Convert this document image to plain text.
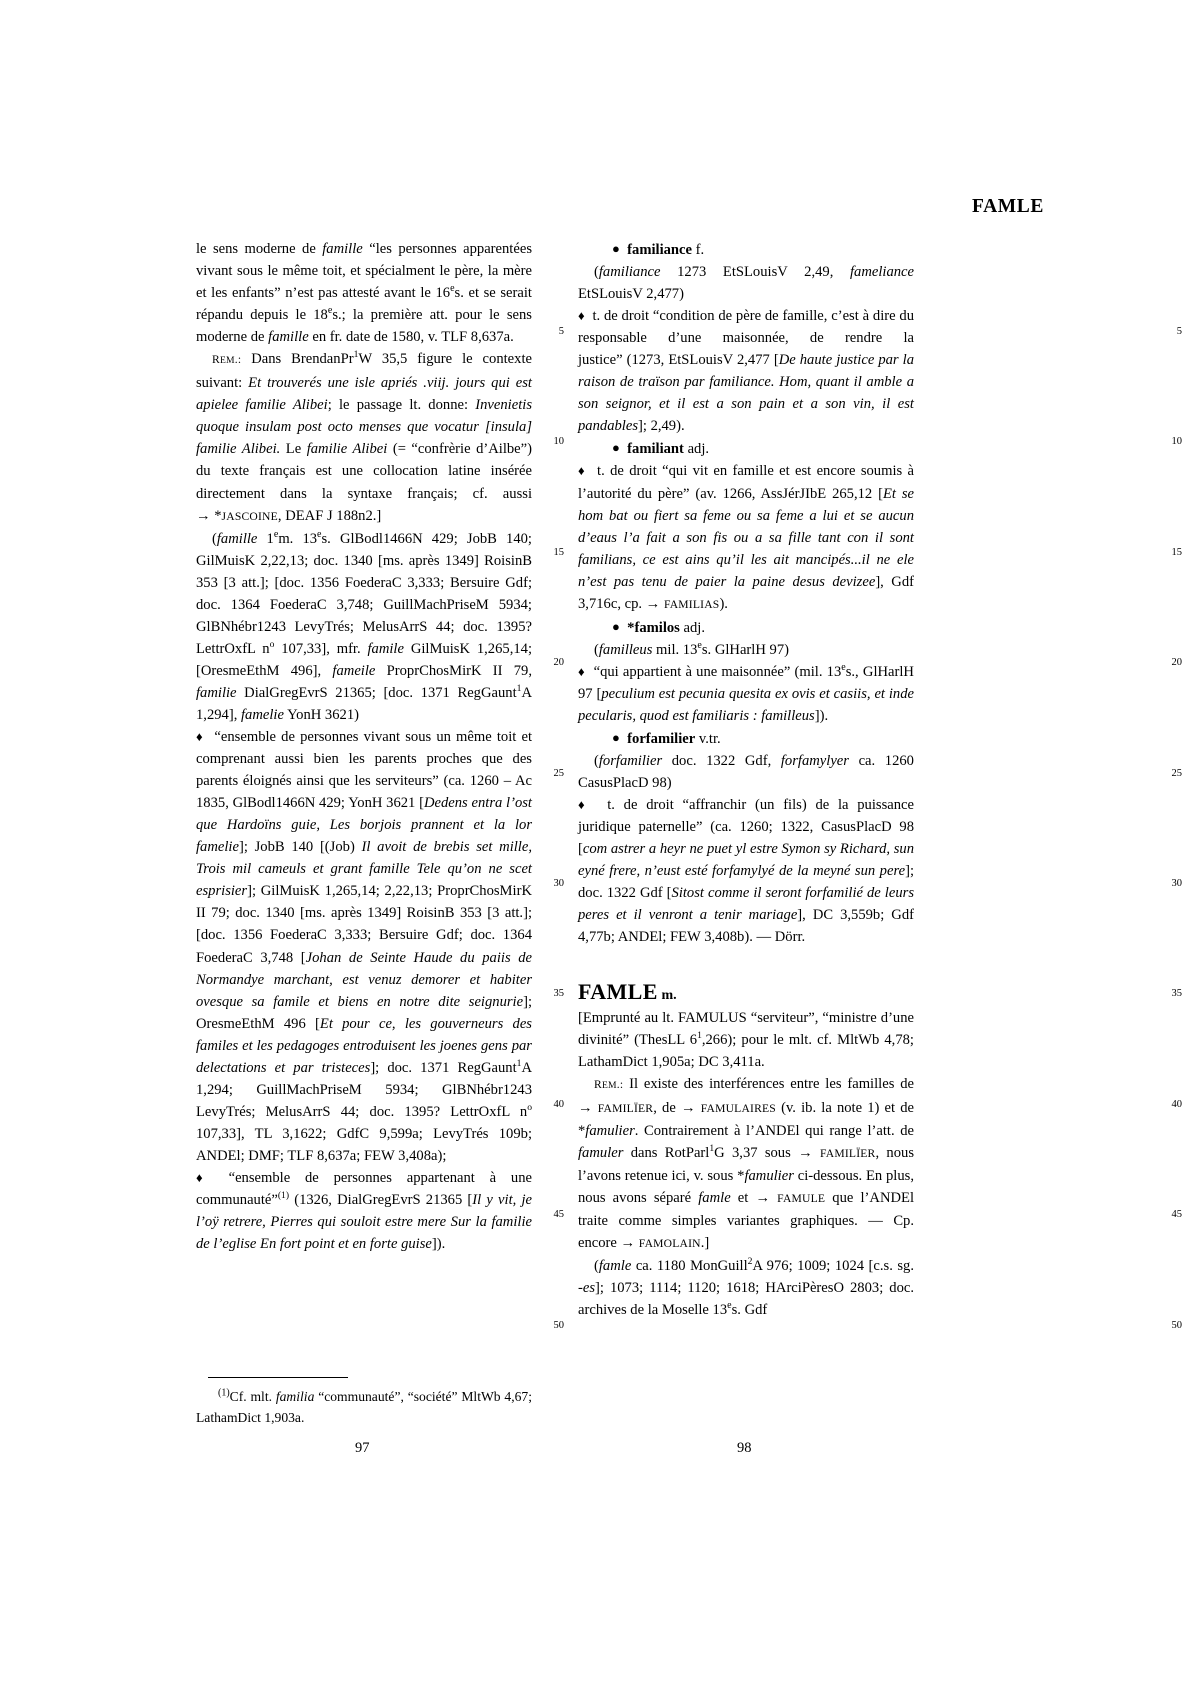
FAMLE

le sens moderne de famille “les personnes apparentées vivant sous le même toit, et spécialment le père, la mère et les enfants” n’est pas attesté avant le 16es. et se serait répandu depuis le 18es.; la première att. pour le sens moderne de famille en fr. date de 1580, v. TLF 8,637a.

REM.: Dans BrendanPr$^1$W 35,5 figure le contexte suivant: Et trouverés une isle apriés .viij. jours qui est apielee familie Alibei; le passage lt. donne: Invenietis quoque insulam post octo menses que vocatur [insula] familie Alibei. Le familie Alibei (= “confrèrie d’Ailbe”) du texte français est une collocation latine insérée directement dans la syntaxe français; cf. aussi → *JASCOINE, DEAF J 188n2.]

(famille 1em. 13es. GlBodl1466N 429; JobB 140; GilMuisK 2,22,13; doc. 1340 [ms. après 1349] RoisinB 353 [3 att.]; [doc. 1356 FoederaC 3,333; Bersuire Gdf; doc. 1364 FoederaC 3,748; GuillMachPriseM 5934; GlBNhébr1243 LevyTrés; MelusArrS 44; doc. 1395? LettrOxfL $n^o$ 107,33], mfr. famile GilMuisK 1,265,14; [OresmeEthM 496], fameile ProprChosMirK II 79, familie DialGregEvrS 21365; [doc. 1371 RegGaunt$^1$A 1,294], famelie YonH 3621)

♦  “ensemble de personnes vivant sous un même toit et comprenant aussi bien les parents proches que des parents éloignés ainsi que les serviteurs” (ca. 1260 – Ac 1835, GlBodl1466N 429; YonH 3621 [Dedens entra l’ost que Hardoïns guie, Les borjois prannent et la lor famelie]; JobB 140 [(Job) Il avoit de brebis set mille, Trois mil cameuls et grant famille Tele qu’on ne scet esprisier]; GilMuisK 1,265,14; 2,22,13; ProprChosMirK II 79; doc. 1340 [ms. après 1349] RoisinB 353 [3 att.]; [doc. 1356 FoederaC 3,333; Bersuire Gdf; doc. 1364 FoederaC 3,748 [Johan de Seinte Haude du paiis de Normandye marchant, est venuz demorer et habiter ovesque sa famile et biens en notre dite seignurie]; OresmeEthM 496 [Et pour ce, les gouverneurs des familes et les pedagoges entroduisent les joenes gens par delectations et par tristeces]; doc. 1371 RegGaunt$^1$A 1,294; GuillMachPriseM 5934; GlBNhébr1243 LevyTrés; MelusArrS 44; doc. 1395? LettrOxfL $n^o$ 107,33], TL 3,1622; GdfC 9,599a; LevyTrés 109b; ANDEl; DMF; TLF 8,637a; FEW 3,408a);

♦ “ensemble de personnes appartenant à une communauté”$^{(1)}$ (1326, DialGregEvrS 21365 [Il y vit, je l’oÿ retrere, Pierres qui souloit estre mere Sur la familie de l’eglise En fort point et en forte guise]).

5
10
15
20
25
30
35
40
45
50
$^{(1)}$Cf. mlt. familia “communauté”, “société” MltWb 4,67; LathamDict 1,903a.

● familiance f.

(familiance 1273 EtSLouisV 2,49, fameliance EtSLouisV 2,477)

♦  t. de droit “condition de père de famille, c’est à dire du responsable d’une maisonnée, de rendre la justice” (1273, EtSLouisV 2,477 [De haute justice par la raison de traïson par familiance. Hom, quant il amble a son seignor, et il est a son pain et a son vin, il est pandables]; 2,49).

● familiant adj.

♦  t. de droit “qui vit en famille et est encore soumis à l’autorité du père” (av. 1266, AssJérJIbE 265,12 [Et se hom bat ou fiert sa feme ou sa feme a lui et se aucun d’eaus l’a fait a son fis ou a sa fille tant con il sont familians, ce est ains qu’il les ait mancipés...il ne ele n’est pas tenu de paier la paine desus devizee], Gdf 3,716c, cp. → FAMILIAS).

● *familos adj.

(familleus mil. 13es. GlHarlH 97)

♦  “qui appartient à une maisonnée” (mil. 13es., GlHarlH 97 [peculium est pecunia quesita ex ovis et casiis, et inde pecularis, quod est familiaris : familleus]).

● forfamilier v.tr.

(forfamilier doc. 1322 Gdf, forfamylyer ca. 1260 CasusPlacD 98)

♦  t. de droit “affranchir (un fils) de la puissance juridique paternelle” (ca. 1260; 1322, CasusPlacD 98 [com astrer a heyr ne puet yl estre Symon sy Richard, sun eyné frere, n’eust esté forfamylyé de la meyné sun pere]; doc. 1322 Gdf [Sitost comme il seront forfamilié de leurs peres et il venront a tenir mariage], DC 3,559b; Gdf 4,77b; ANDEl; FEW 3,408b). — Dörr.

FAMLE m.

[Emprunté au lt. FAMULUS “serviteur”, “ministre d’une divinité” (ThesLL $6^1,266$); pour le mlt. cf. MltWb 4,78; LathamDict 1,905a; DC 3,411a.

REM.: Il existe des interférences entre les familles de → FAMILÏER, de → FAMULAIRES (v. ib. la note 1) et de *famulier. Contrairement à l’ANDEl qui range l’att. de famuler dans RotParl$^1$G 3,37 sous → FAMILÏER, nous l’avons retenue ici, v. sous *famulier ci-dessous. En plus, nous avons séparé famle et → FAMULE que l’ANDEl traite comme simples variantes graphiques. — Cp. encore → FAMOLAIN.]

(famle ca. 1180 MonGuill$^2$A 976; 1009; 1024 [c.s. sg. -es]; 1073; 1114; 1120; 1618; HArciPèresO 2803; doc. archives de la Moselle 13es. Gdf

5
10
15
20
25
30
35
40
45
50
97	98
